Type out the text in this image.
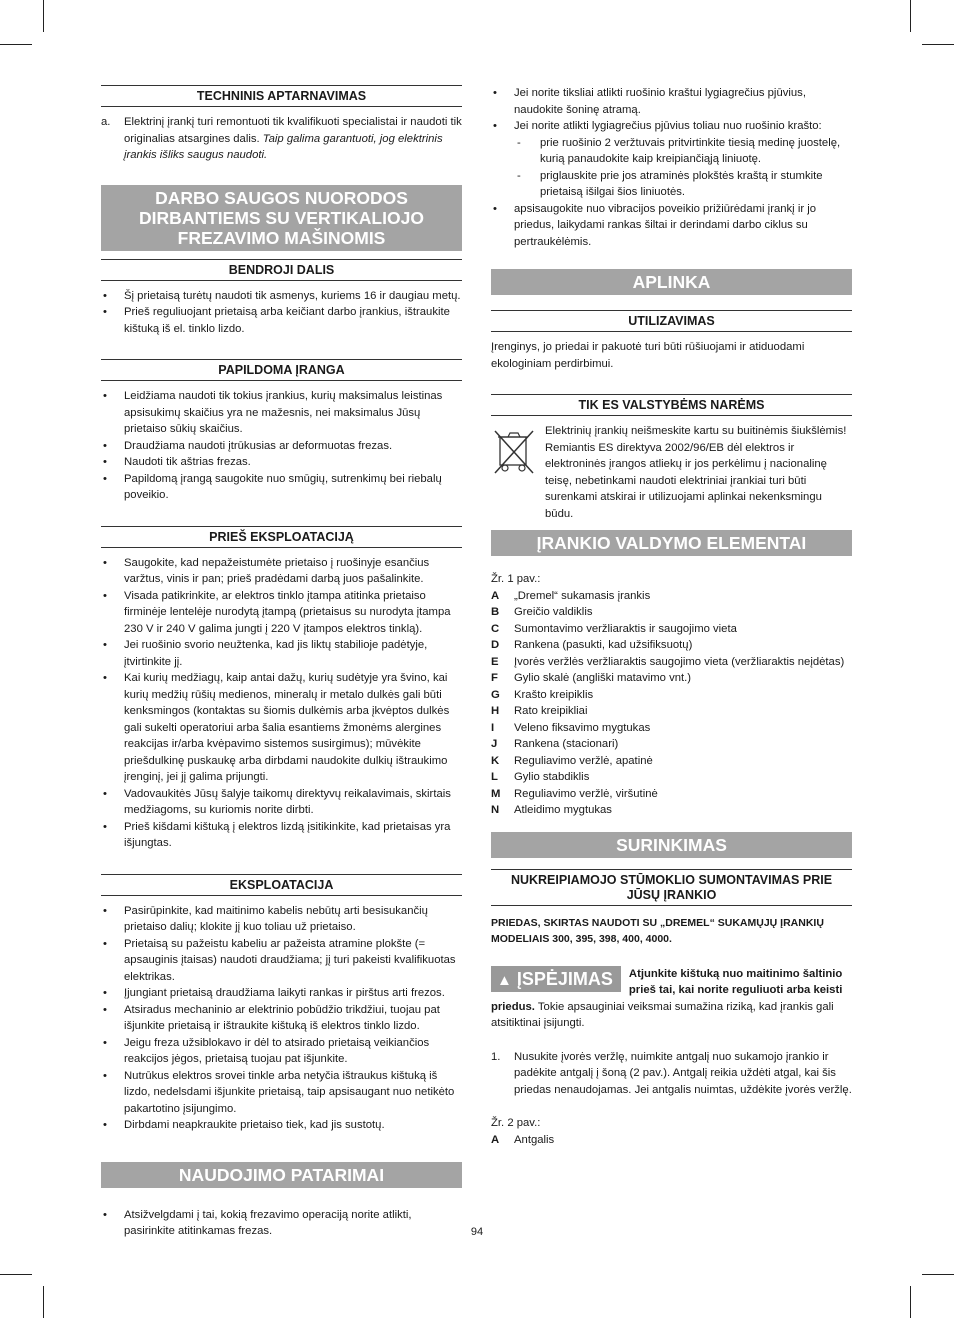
TECHNINIS APTARNAVIMAS
a. Elektrinį įrankį turi remontuoti tik kvalifikuoti specialistai ir naudoti tik originalias atsargines dalis. Taip galima garantuoti, jog elektrinis įrankis išliks saugus naudoti.
DARBO SAUGOS NUORODOS DIRBANTIEMS SU VERTIKALIOJO FREZAVIMO MAŠINOMIS
BENDROJI DALIS
• Šį prietaisą turėtų naudoti tik asmenys, kuriems 16 ir daugiau metų.
• Prieš reguliuojant prietaisą arba keičiant darbo įrankius, ištraukite kištuką iš el. tinklo lizdo.
PAPILDOMA ĮRANGA
• Leidžiama naudoti tik tokius įrankius, kurių maksimalus leistinas apsisukimų skaičius yra ne mažesnis, nei maksimalus Jūsų prietaiso sūkių skaičius.
• Draudžiama naudoti įtrūkusias ar deformuotas frezas.
• Naudoti tik aštrias frezas.
• Papildomą įrangą saugokite nuo smūgių, sutrenkimų bei riebalų poveikio.
PRIEŠ EKSPLOATACIJĄ
• Saugokite, kad nepažeistumėte prietaiso į ruošinyje esančius varžtus, vinis ir pan; prieš pradėdami darbą juos pašalinkite.
• Visada patikrinkite, ar elektros tinklo įtampa atitinka prietaiso firminėje lentelėje nurodytą įtampą (prietaisus su nurodyta įtampa 230 V ir 240 V galima jungti į 220 V įtampos elektros tinklą).
• Jei ruošinio svorio neužtenka, kad jis liktų stabilioje padėtyje, įtvirtinkite jį.
• Kai kurių medžiagų, kaip antai dažų, kurių sudėtyje yra švino, kai kurių medžių rūšių medienos, mineralų ir metalo dulkės gali būti kenksmingos (kontaktas su šiomis dulkėmis arba įkvėptos dulkės gali sukelti operatoriui arba šalia esantiems žmonėms alergines reakcijas ir/arba kvėpavimo sistemos susirgimus); mūvėkite priešdulkinę puskaukę arba dirbdami naudokite dulkių ištraukimo įrenginį, jei jį galima prijungti.
• Vadovaukitės Jūsų šalyje taikomų direktyvų reikalavimais, skirtais medžiagoms, su kuriomis norite dirbti.
• Prieš kišdami kištuką į elektros lizdą įsitikinkite, kad prietaisas yra išjungtas.
EKSPLOATACIJA
• Pasirūpinkite, kad maitinimo kabelis nebūtų arti besisukančių prietaiso dalių; klokite jį kuo toliau už prietaiso.
• Prietaisą su pažeistu kabeliu ar pažeista atramine plokšte (= apsauginis įtaisas) naudoti draudžiama; jį turi pakeisti kvalifikuotas elektrikas.
• Įjungiant prietaisą draudžiama laikyti rankas ir pirštus arti frezos.
• Atsiradus mechaninio ar elektrinio pobūdžio trikdžiui, tuojau pat išjunkite prietaisą ir ištraukite kištuką iš elektros tinklo lizdo.
• Jeigu freza užsiblokavo ir dėl to atsirado prietaisą veikiančios reakcijos jėgos, prietaisą tuojau pat išjunkite.
• Nutrūkus elektros srovei tinkle arba netyčia ištraukus kištuką iš lizdo, nedelsdami išjunkite prietaisą, taip apsisaugant nuo netikėto pakartotino įsijungimo.
• Dirbdami neapkraukite prietaiso tiek, kad jis sustotų.
NAUDOJIMO PATARIMAI
• Atsižvelgdami į tai, kokią frezavimo operaciją norite atlikti, pasirinkite atitinkamas frezas.
• Jei norite tiksliai atlikti ruošinio kraštui lygiagrečius pjūvius, naudokite šoninę atramą.
• Jei norite atlikti lygiagrečius pjūvius toliau nuo ruošinio krašto:
- prie ruošinio 2 veržtuvais pritvirtinkite tiesią medinę juostelę, kurią panaudokite kaip kreipiančiąją liniuotę.
- priglauskite prie jos atraminės plokštės kraštą ir stumkite prietaisą išilgai šios liniuotės.
• apsisaugokite nuo vibracijos poveikio prižiūrėdami įrankį ir jo priedus, laikydami rankas šiltai ir derindami darbo ciklus su pertraukėlėmis.
APLINKA
UTILIZAVIMAS

Įrenginys, jo priedai ir pakuotė turi būti rūšiuojami ir atiduodami ekologiniam perdirbimui.

TIK ES VALSTYBĖMS NARĖMS
Elektrinių įrankių neišmeskite kartu su buitinėmis šiukšlėmis!
Remiantis ES direktyva 2002/96/EB dėl elektros ir elektroninės įrangos atliekų ir jos perkėlimu į nacionalinę teisę, nebetinkami naudoti elektriniai įrankiai turi būti surenkami atskirai ir utilizuojami aplinkai nekenksmingu būdu.
ĮRANKIO VALDYMO ELEMENTAI
Žr. 1 pav.:
A „Dremel“ sukamasis įrankis
B Greičio valdiklis
C Sumontavimo veržliaraktis ir saugojimo vieta
D Rankena (pasukti, kad užsifiksuotų)
E Įvorės veržlės veržliaraktis saugojimo vieta (veržliaraktis neįdėtas)
F Gylio skalė (angliški matavimo vnt.)
G Krašto kreipiklis
H Rato kreipikliai
I Veleno fiksavimo mygtukas
J Rankena (stacionari)
K Reguliavimo veržlė, apatinė
L Gylio stabdiklis
M Reguliavimo veržlė, viršutinė
N Atleidimo mygtukas
SURINKIMAS
NUKREIPIAMOJO STŪMOKLIO SUMONTAVIMAS PRIE JŪSŲ ĮRANKIO

PRIEDAS, SKIRTAS NAUDOTI SU „DREMEL“ SUKAMŲJŲ ĮRANKIŲ MODELIAIS 300, 395, 398, 400, 4000.

▲ ĮSPĖJIMAS	Atjunkite kištuką nuo maitinimo šaltinio prieš tai, kai norite reguliuoti arba keisti priedus. Tokie apsauginiai veiksmai sumažina riziką, kad įrankis gali atsitiktinai įsijungti.
1. Nusukite įvorės veržlę, nuimkite antgalį nuo sukamojo įrankio ir padėkite antgalį į šoną (2 pav.). Antgalį reikia uždėti atgal, kai šis priedas nenaudojamas. Jei antgalis nuimtas, uždėkite įvorės veržlę.
Žr. 2 pav.:
A Antgalis
94
